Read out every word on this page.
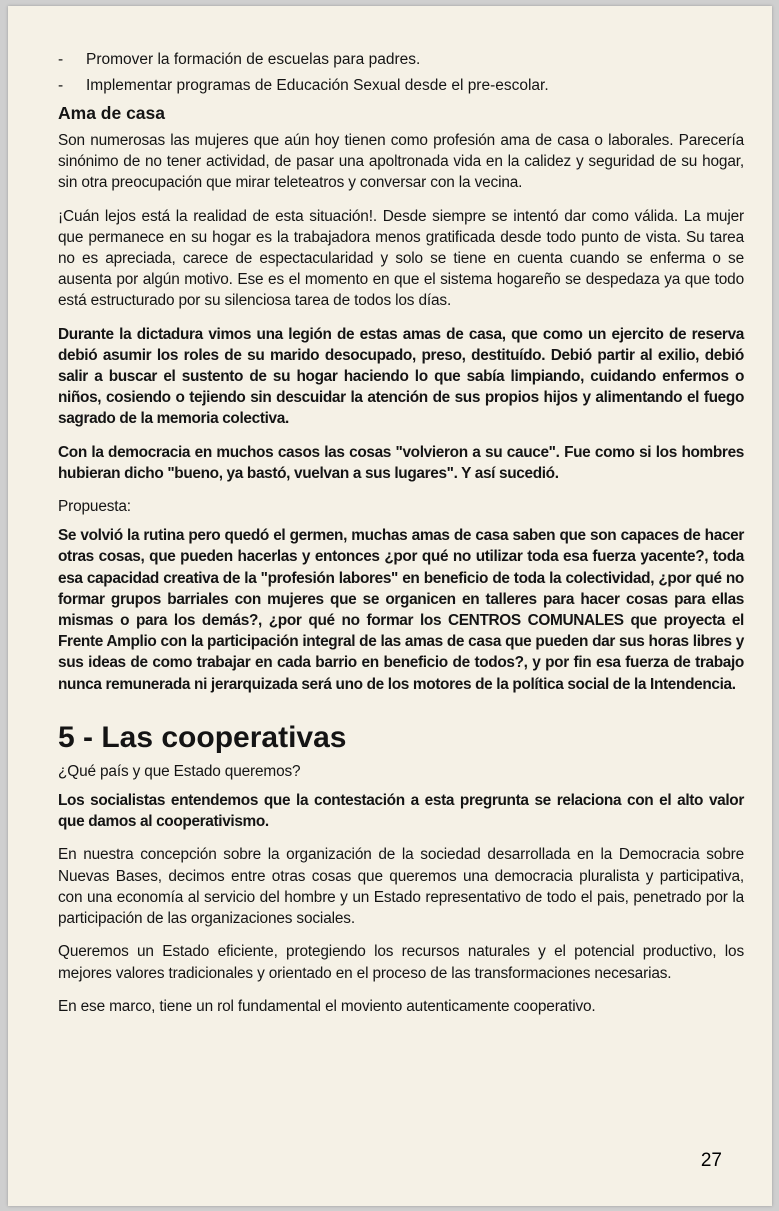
-	Promover la formación de escuelas para padres.
-	Implementar programas de Educación Sexual desde el pre-escolar.
Ama de casa

Son numerosas las mujeres que aún hoy tienen como profesión ama de casa o laborales. Parecería sinónimo de no tener actividad, de pasar una apoltronada vida en la calidez y seguridad de su hogar, sin otra preocupación que mirar teleteatros y conversar con la vecina.

¡Cuán lejos está la realidad de esta situación!. Desde siempre se intentó dar como válida. La mujer que permanece en su hogar es la trabajadora menos gratificada desde todo punto de vista. Su tarea no es apreciada, carece de espectacularidad y solo se tiene en cuenta cuando se enferma o se ausenta por algún motivo. Ese es el momento en que el sistema hogareño se despedaza ya que todo está estructurado por su silenciosa tarea de todos los días.

Durante la dictadura vimos una legión de estas amas de casa, que como un ejercito de reserva debió asumir los roles de su marido desocupado, preso, destituído. Debió partir al exilio, debió salir a buscar el sustento de su hogar haciendo lo que sabía limpiando, cuidando enfermos o niños, cosiendo o tejiendo sin descuidar la atención de sus propios hijos y alimentando el fuego sagrado de la memoria colectiva.

Con la democracia en muchos casos las cosas "volvieron a su cauce". Fue como si los hombres hubieran dicho "bueno, ya bastó, vuelvan a sus lugares". Y así sucedió.

Propuesta:

Se volvió la rutina pero quedó el germen, muchas amas de casa saben que son capaces de hacer otras cosas, que pueden hacerlas y entonces ¿por qué no utilizar toda esa fuerza yacente?, toda esa capacidad creativa de la "profesión labores" en beneficio de toda la colectividad, ¿por qué no formar grupos barriales con mujeres que se organicen en talleres para hacer cosas para ellas mismas o para los demás?, ¿por qué no formar los CENTROS COMUNALES que proyecta el Frente Amplio con la participación integral de las amas de casa que pueden dar sus horas libres y sus ideas de como trabajar en cada barrio en beneficio de todos?, y por fin esa fuerza de trabajo nunca remunerada ni jerarquizada será uno de los motores de la política social de la Intendencia.

5 - Las cooperativas

¿Qué país y que Estado queremos?

Los socialistas entendemos que la contestación a esta pregrunta se relaciona con el alto valor que damos al cooperativismo.

En nuestra concepción sobre la organización de la sociedad desarrollada en la Democracia sobre Nuevas Bases, decimos entre otras cosas que queremos una democracia pluralista y participativa, con una economía al servicio del hombre y un Estado representativo de todo el pais, penetrado por la participación de las organizaciones sociales.

Queremos un Estado eficiente, protegiendo los recursos naturales y el potencial productivo, los mejores valores tradicionales y orientado en el proceso de las transformaciones necesarias.

En ese marco, tiene un rol fundamental el moviento autenticamente cooperativo.

27
